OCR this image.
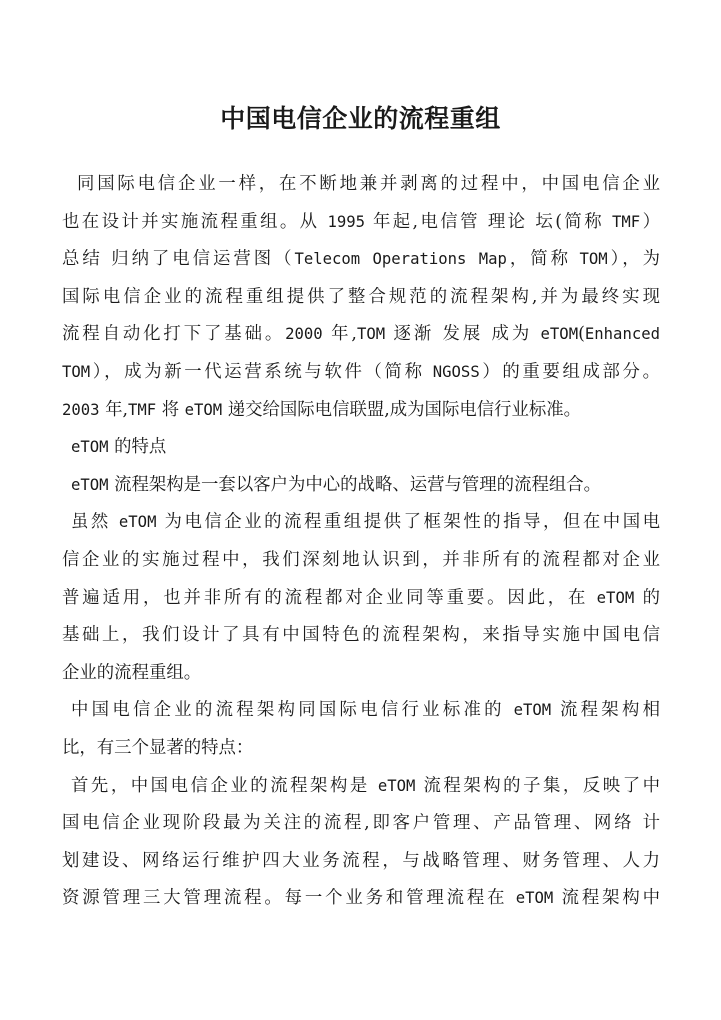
中国电信企业的流程重组
同国际电信企业一样，在不断地兼并剥离的过程中，中国电信企业
也在设计并实施流程重组。从 1995 年起,电信管 理论 坛(简称 TMF）
总结 归纳了电信运营图（Telecom Operations Map，简称 TOM），为
国际电信企业的流程重组提供了整合规范的流程架构,并为最终实现
流程自动化打下了基础。2000 年,TOM 逐渐 发展 成为 eTOM(Enhanced
TOM），成为新一代运营系统与软件（简称 NGOSS）的重要组成部分。
2003 年,TMF 将 eTOM 递交给国际电信联盟,成为国际电信行业标准。
eTOM 的特点
eTOM 流程架构是一套以客户为中心的战略、运营与管理的流程组合。
虽然 eTOM 为电信企业的流程重组提供了框架性的指导，但在中国电
信企业的实施过程中，我们深刻地认识到，并非所有的流程都对企业
普遍适用，也并非所有的流程都对企业同等重要。因此，在 eTOM 的
基础上，我们设计了具有中国特色的流程架构，来指导实施中国电信
企业的流程重组。
中国电信企业的流程架构同国际电信行业标准的 eTOM 流程架构相
比，有三个显著的特点：
首先，中国电信企业的流程架构是 eTOM 流程架构的子集，反映了中
国电信企业现阶段最为关注的流程,即客户管理、产品管理、网络 计
划建设、网络运行维护四大业务流程，与战略管理、财务管理、人力
资源管理三大管理流程。每一个业务和管理流程在 eTOM 流程架构中
